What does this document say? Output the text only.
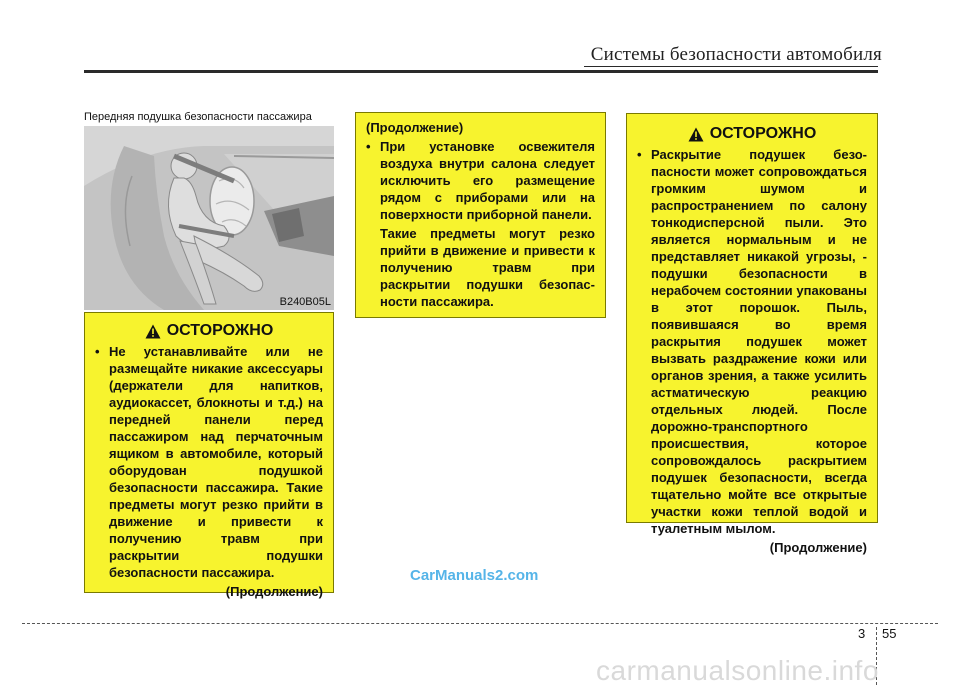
Системы безопасности автомобиля
Передняя подушка безопасности пассажира
B240B05L
ОСТОРОЖНО
• Не устанавливайте или не размещайте никакие аксессуары (держатели для напитков, аудиокассет, блокноты и т.д.) на передней панели перед пассажиром над перчаточным ящиком в автомобиле, который оборудован подушкой безопасности пассажира. Такие предметы могут резко прийти в движение и привести к получению травм при раскрытии подушки безопасности пассажира.

(Продолжение)

(Продолжение)

• При установке освежителя воздуха внутри салона следует исключить его размещение рядом с приборами или на поверхности приборной панели.

Такие предметы могут резко прийти в движение и привести к получению травм при раскрытии подушки безопасности пассажира.

ОСТОРОЖНО
• Раскрытие подушек безопасности может сопровождаться громким шумом и распространением по салону тонкодисперсной пыли. Это является нормальным и не представляет никакой угрозы, - подушки безопасности в нерабочем состоянии упакованы в этот порошок. Пыль, появившаяся во время раскрытия подушек может вызвать раздражение кожи или органов зрения, а также усилить астматическую реакцию отдельных людей. После дорожно-транспортного происшествия, которое сопровождалось раскрытием подушек безопасности, всегда тщательно мойте все открытые участки кожи теплой водой и туалетным мылом.

(Продолжение)

CarManuals2.com
3 55
carmanualsonline.info
